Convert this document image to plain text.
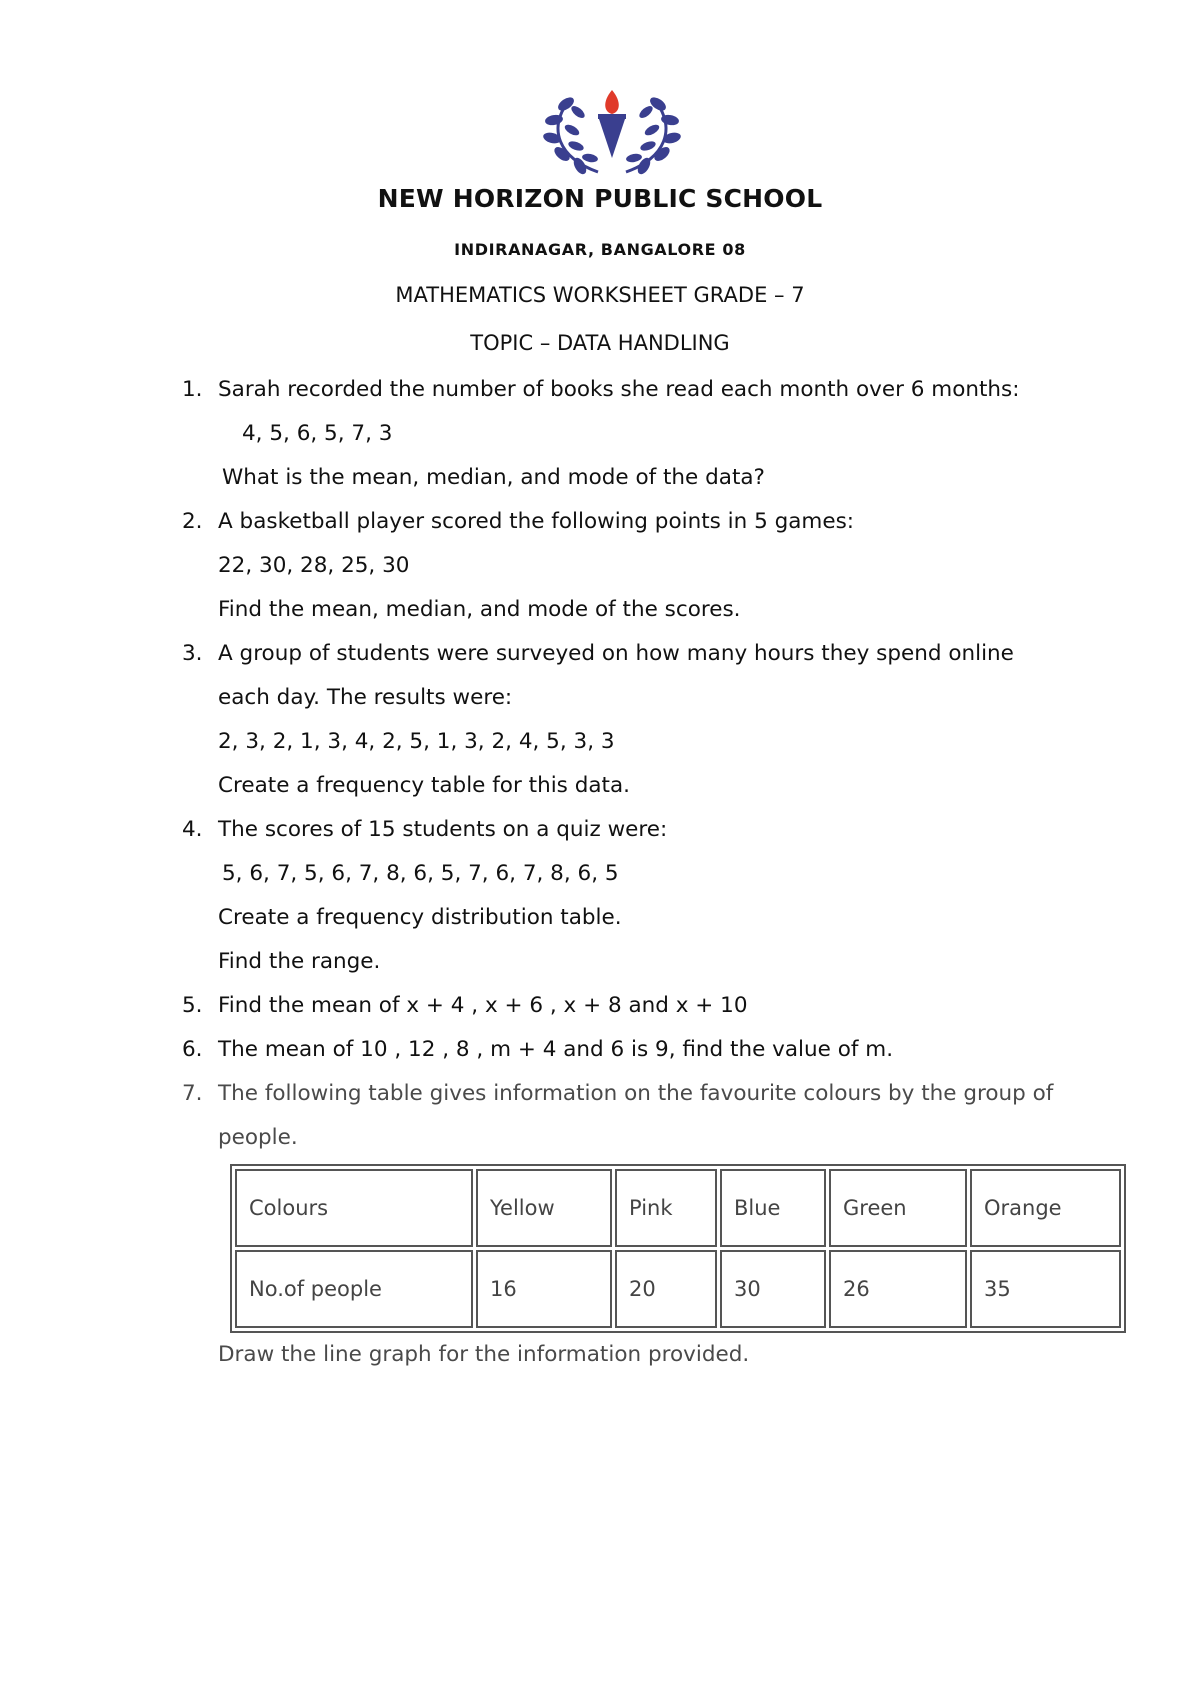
NEW HORIZON PUBLIC SCHOOL
INDIRANAGAR, BANGALORE 08
MATHEMATICS WORKSHEET GRADE – 7
TOPIC – DATA HANDLING
1. Sarah recorded the number of books she read each month over 6 months:
4, 5, 6, 5, 7, 3
What is the mean, median, and mode of the data?
2. A basketball player scored the following points in 5 games:
22, 30, 28, 25, 30
Find the mean, median, and mode of the scores.
3. A group of students were surveyed on how many hours they spend online
each day. The results were:
2, 3, 2, 1, 3, 4, 2, 5, 1, 3, 2, 4, 5, 3, 3
Create a frequency table for this data.
4. The scores of 15 students on a quiz were:
5, 6, 7, 5, 6, 7, 8, 6, 5, 7, 6, 7, 8, 6, 5
Create a frequency distribution table.
Find the range.
5. Find the mean of x + 4 , x + 6 , x + 8 and x + 10
6. The mean of 10 , 12 , 8 , m + 4 and 6 is 9, find the value of m.
7. The following table gives information on the favourite colours by the group of
people.
Colours	Yellow	Pink	Blue	Green	Orange
No.of people	16	20	30	26	35
Draw the line graph for the information provided.
